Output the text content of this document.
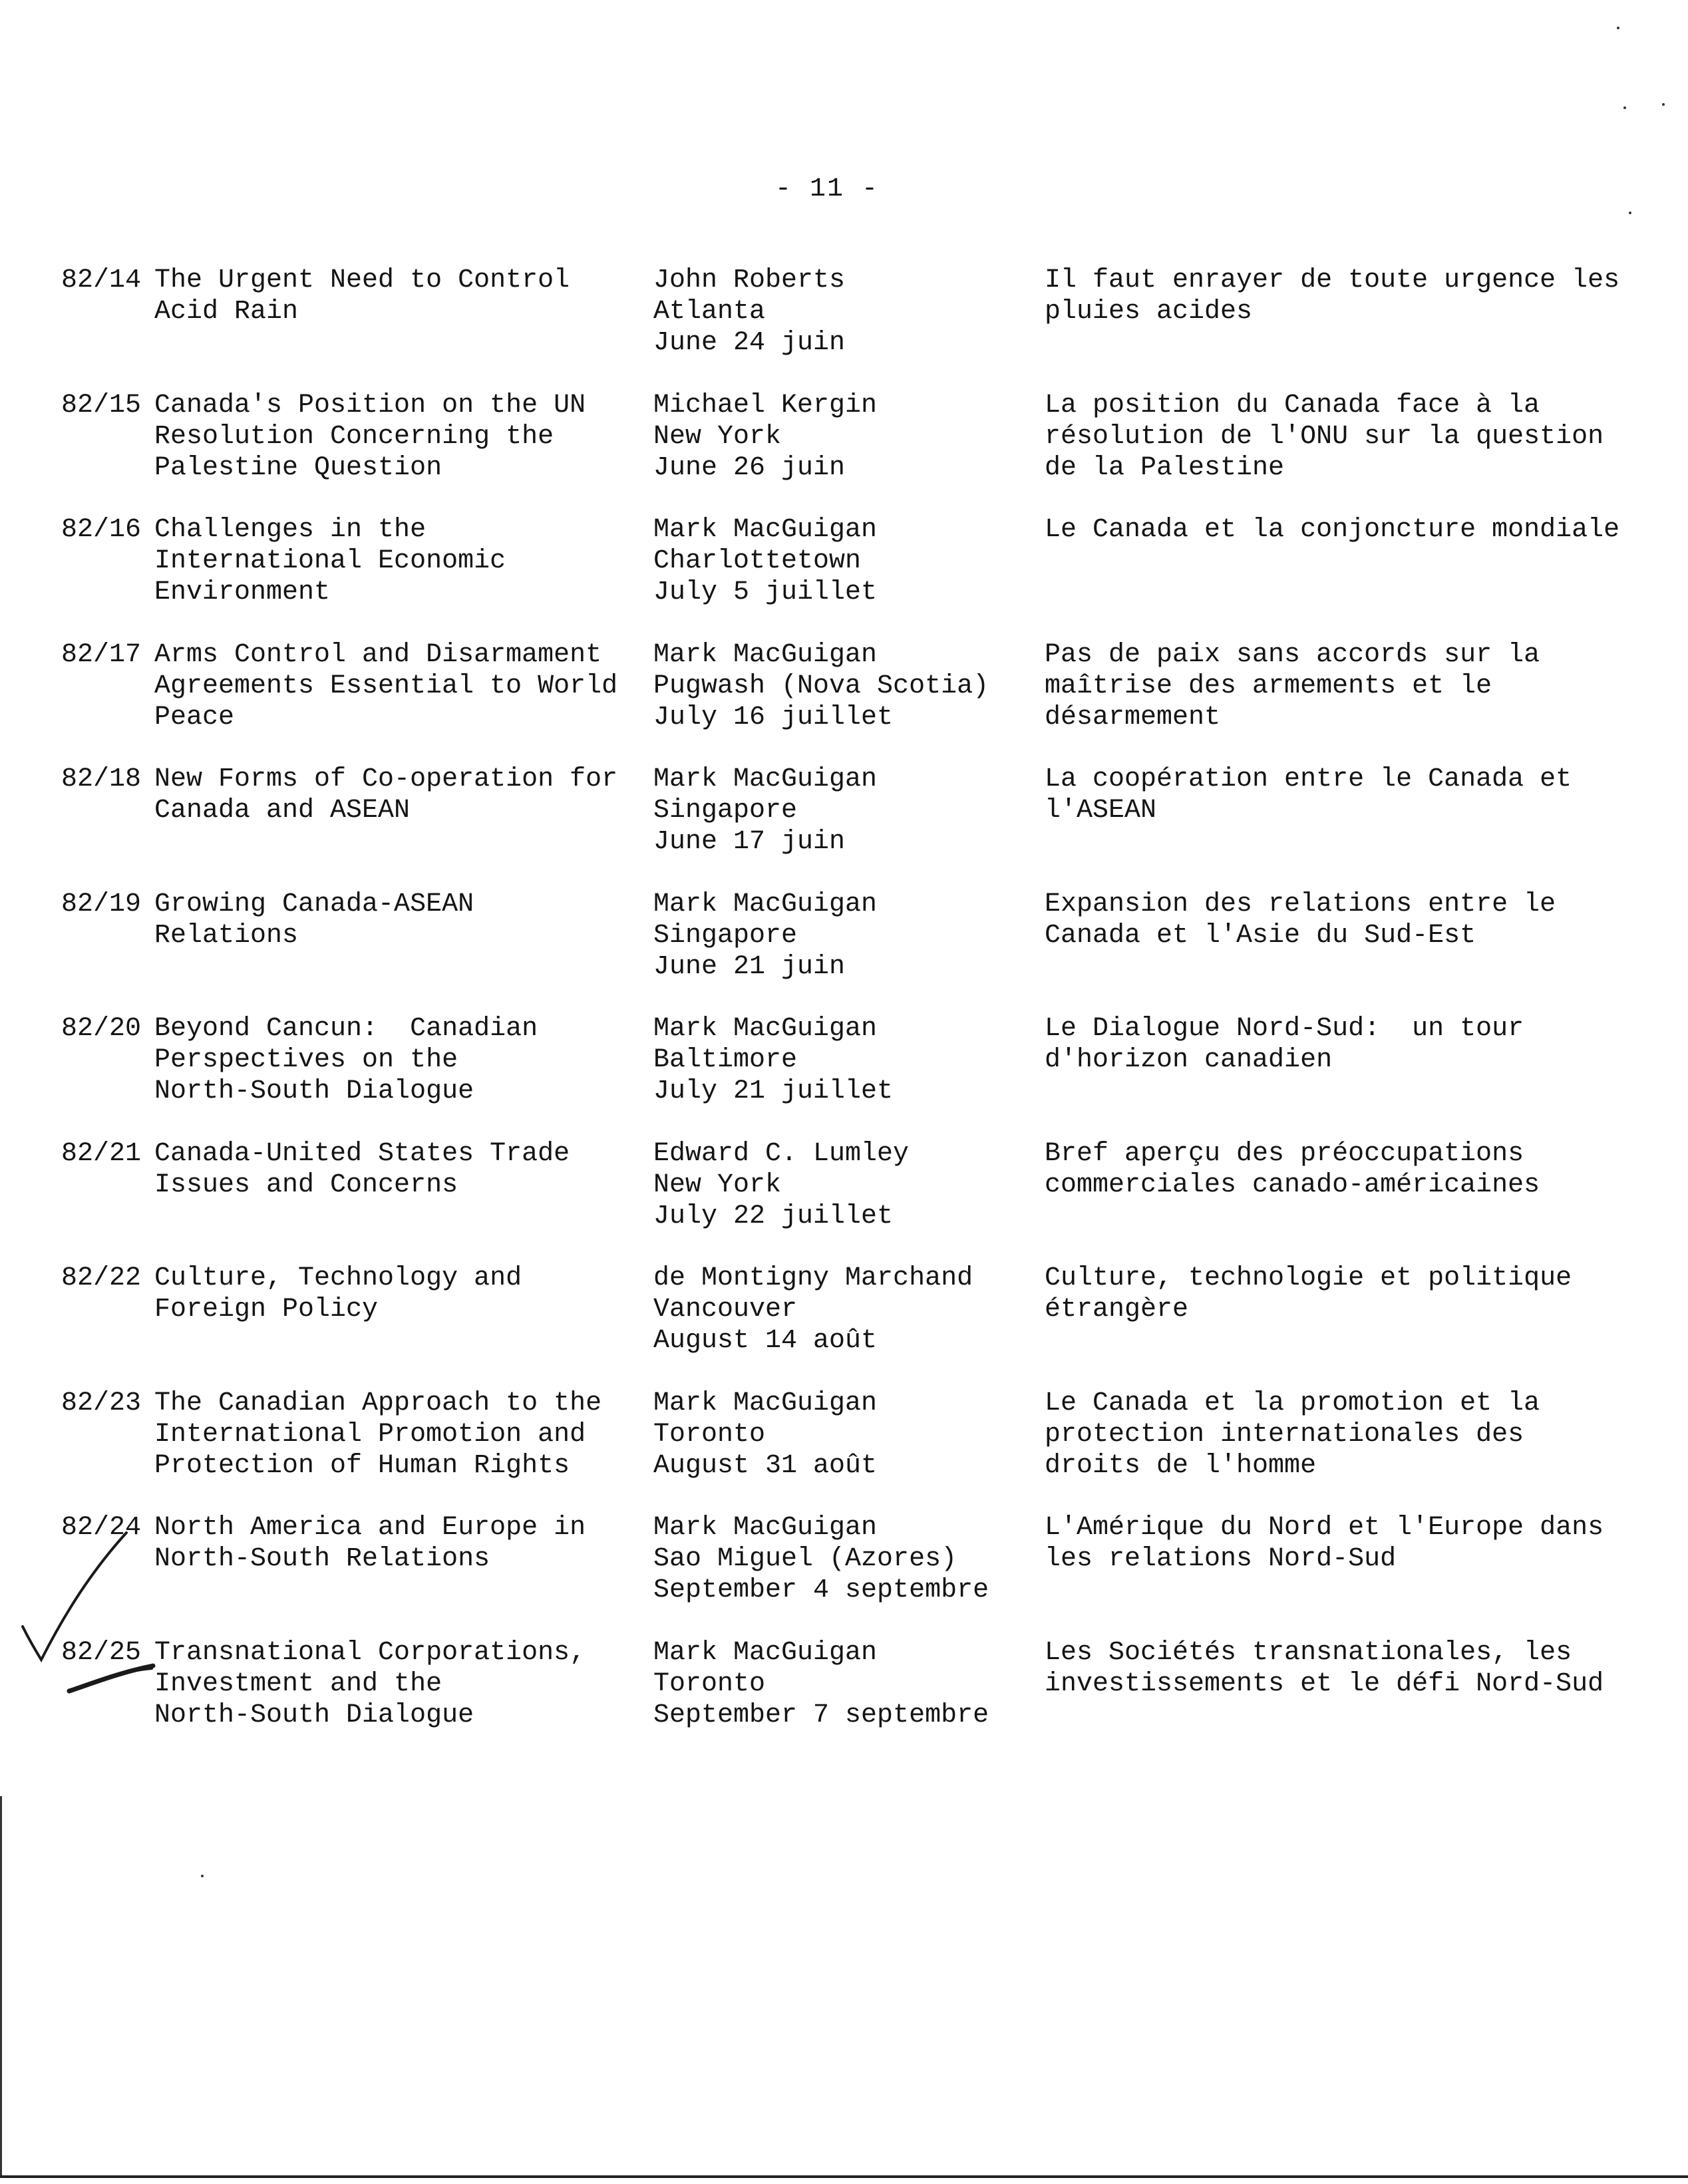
- 11 -
82/14 The Urgent Need to Control
Acid Rain
John Roberts
Atlanta
June 24 juin
Il faut enrayer de toute urgence les
pluies acides
82/15 Canada's Position on the UN
Resolution Concerning the
Palestine Question
Michael Kergin
New York
June 26 juin
La position du Canada face à la
résolution de l'ONU sur la question
de la Palestine
82/16 Challenges in the
International Economic
Environment
Mark MacGuigan
Charlottetown
July 5 juillet
Le Canada et la conjoncture mondiale
82/17 Arms Control and Disarmament
Agreements Essential to World
Peace
Mark MacGuigan
Pugwash (Nova Scotia)
July 16 juillet
Pas de paix sans accords sur la
maîtrise des armements et le
désarmement
82/18 New Forms of Co-operation for
Canada and ASEAN
Mark MacGuigan
Singapore
June 17 juin
La coopération entre le Canada et
l'ASEAN
82/19 Growing Canada-ASEAN
Relations
Mark MacGuigan
Singapore
June 21 juin
Expansion des relations entre le
Canada et l'Asie du Sud-Est
82/20 Beyond Cancun:  Canadian
Perspectives on the
North-South Dialogue
Mark MacGuigan
Baltimore
July 21 juillet
Le Dialogue Nord-Sud:  un tour
d'horizon canadien
82/21 Canada-United States Trade
Issues and Concerns
Edward C. Lumley
New York
July 22 juillet
Bref aperçu des préoccupations
commerciales canado-américaines
82/22 Culture, Technology and
Foreign Policy
de Montigny Marchand
Vancouver
August 14 août
Culture, technologie et politique
étrangère
82/23 The Canadian Approach to the
International Promotion and
Protection of Human Rights
Mark MacGuigan
Toronto
August 31 août
Le Canada et la promotion et la
protection internationales des
droits de l'homme
82/24 North America and Europe in
North-South Relations
Mark MacGuigan
Sao Miguel (Azores)
September 4 septembre
L'Amérique du Nord et l'Europe dans
les relations Nord-Sud
82/25 Transnational Corporations,
Investment and the
North-South Dialogue
Mark MacGuigan
Toronto
September 7 septembre
Les Sociétés transnationales, les
investissements et le défi Nord-Sud
